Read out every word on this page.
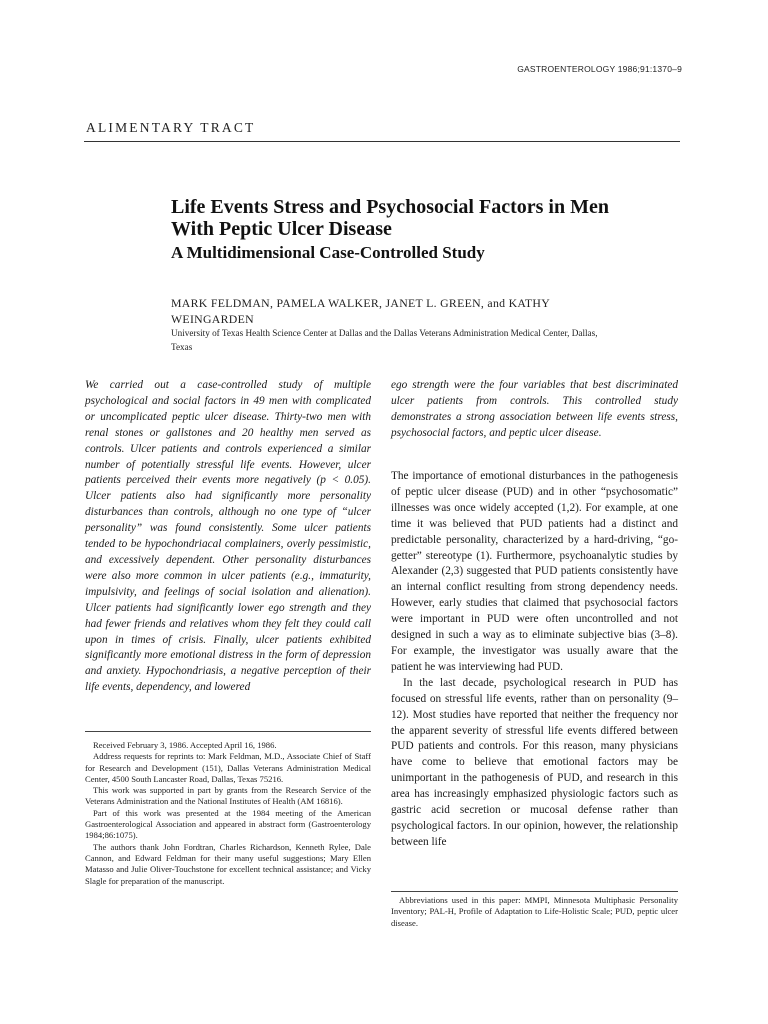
GASTROENTEROLOGY 1986;91:1370–9
ALIMENTARY TRACT
Life Events Stress and Psychosocial Factors in Men With Peptic Ulcer Disease
A Multidimensional Case-Controlled Study
MARK FELDMAN, PAMELA WALKER, JANET L. GREEN, and KATHY WEINGARDEN
University of Texas Health Science Center at Dallas and the Dallas Veterans Administration Medical Center, Dallas, Texas

We carried out a case-controlled study of multiple psychological and social factors in 49 men with complicated or uncomplicated peptic ulcer disease. Thirty-two men with renal stones or gallstones and 20 healthy men served as controls. Ulcer patients and controls experienced a similar number of potentially stressful life events. However, ulcer patients perceived their events more negatively (p < 0.05). Ulcer patients also had significantly more personality disturbances than controls, although no one type of “ulcer personality” was found consistently. Some ulcer patients tended to be hypochondriacal complainers, overly pessimistic, and excessively dependent. Other personality disturbances were also more common in ulcer patients (e.g., immaturity, impulsivity, and feelings of social isolation and alienation). Ulcer patients had significantly lower ego strength and they had fewer friends and relatives whom they felt they could call upon in times of crisis. Finally, ulcer patients exhibited significantly more emotional distress in the form of depression and anxiety. Hypochondriasis, a negative perception of their life events, dependency, and lowered

ego strength were the four variables that best discriminated ulcer patients from controls. This controlled study demonstrates a strong association between life events stress, psychosocial factors, and peptic ulcer disease.

The importance of emotional disturbances in the pathogenesis of peptic ulcer disease (PUD) and in other “psychosomatic” illnesses was once widely accepted (1,2). For example, at one time it was believed that PUD patients had a distinct and predictable personality, characterized by a hard-driving, “go-getter” stereotype (1). Furthermore, psychoanalytic studies by Alexander (2,3) suggested that PUD patients consistently have an internal conflict resulting from strong dependency needs. However, early studies that claimed that psychosocial factors were important in PUD were often uncontrolled and not designed in such a way as to eliminate subjective bias (3–8). For example, the investigator was usually aware that the patient he was interviewing had PUD.

In the last decade, psychological research in PUD has focused on stressful life events, rather than on personality (9–12). Most studies have reported that neither the frequency nor the apparent severity of stressful life events differed between PUD patients and controls. For this reason, many physicians have come to believe that emotional factors may be unimportant in the pathogenesis of PUD, and research in this area has increasingly emphasized physiologic factors such as gastric acid secretion or mucosal defense rather than psychological factors. In our opinion, however, the relationship between life

Received February 3, 1986. Accepted April 16, 1986.

Address requests for reprints to: Mark Feldman, M.D., Associate Chief of Staff for Research and Development (151), Dallas Veterans Administration Medical Center, 4500 South Lancaster Road, Dallas, Texas 75216.

This work was supported in part by grants from the Research Service of the Veterans Administration and the National Institutes of Health (AM 16816).

Part of this work was presented at the 1984 meeting of the American Gastroenterological Association and appeared in abstract form (Gastroenterology 1984;86:1075).

The authors thank John Fordtran, Charles Richardson, Kenneth Rylee, Dale Cannon, and Edward Feldman for their many useful suggestions; Mary Ellen Matasso and Julie Oliver-Touchstone for excellent technical assistance; and Vicky Slagle for preparation of the manuscript.

Abbreviations used in this paper: MMPI, Minnesota Multiphasic Personality Inventory; PAL-H, Profile of Adaptation to Life-Holistic Scale; PUD, peptic ulcer disease.
